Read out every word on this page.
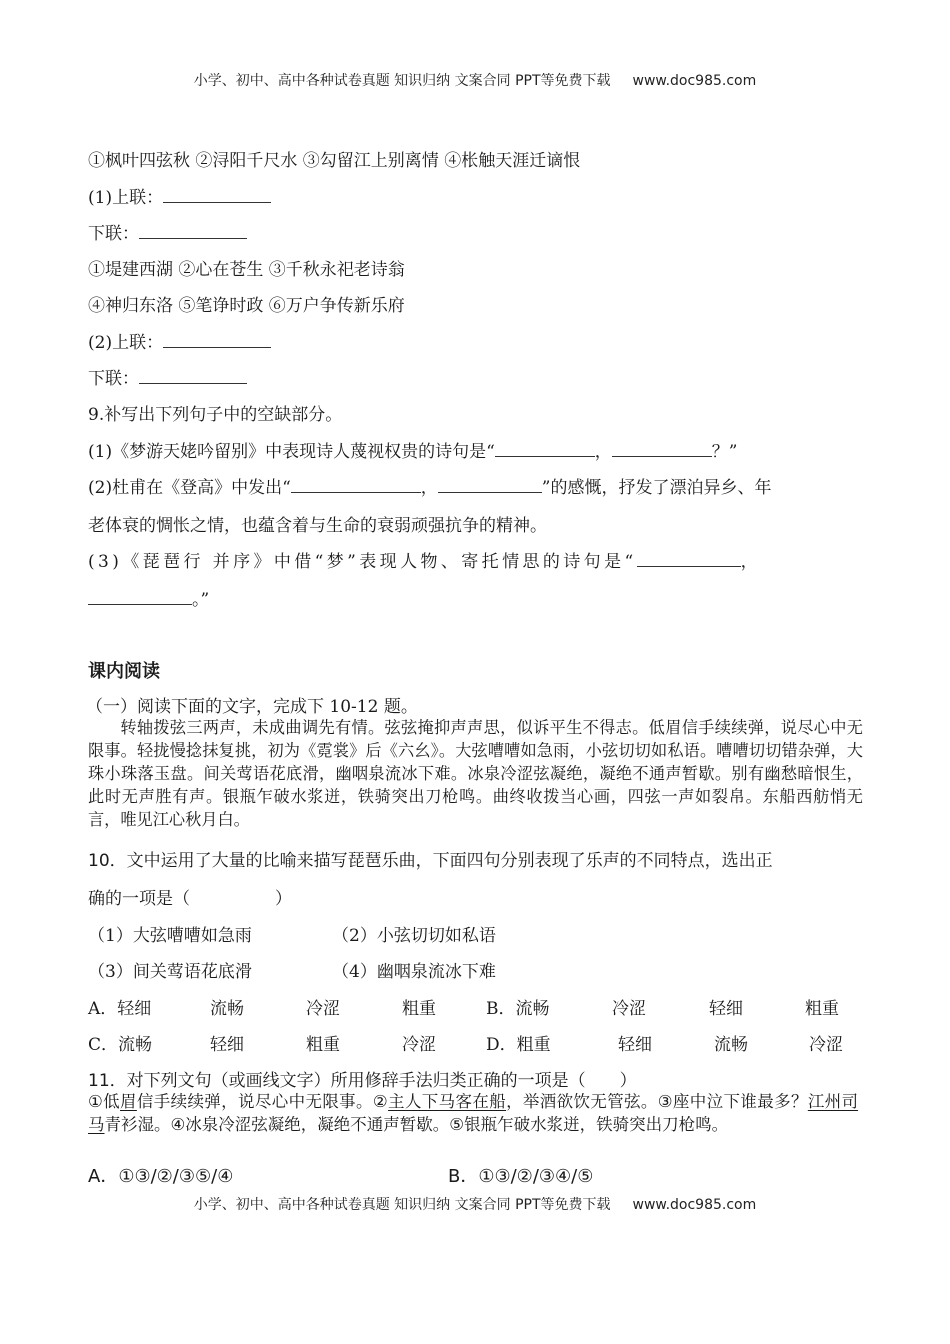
小学、初中、高中各种试卷真题 知识归纳 文案合同 PPT等免费下载 www.doc985.com
①枫叶四弦秋 ②浔阳千尺水 ③勾留江上别离情 ④枨触天涯迁谪恨
(1)上联：
下联：
①堤建西湖 ②心在苍生 ③千秋永祀老诗翁
④神归东洛 ⑤笔诤时政 ⑥万户争传新乐府
(2)上联：
下联：
9.补写出下列句子中的空缺部分。
(1)《梦游天姥吟留别》中表现诗人蔑视权贵的诗句是“	，	？”
(2)杜甫在《登高》中发出“	，	”的感慨，抒发了漂泊异乡、年
老体衰的惆怅之情，也蕴含着与生命的衰弱顽强抗争的精神。
(3)《琵琶行 并序》中借“梦”表现人物、寄托情思的诗句是“	，
。”
课内阅读
（一）阅读下面的文字，完成下 10-12 题。
转轴拨弦三两声，未成曲调先有情。弦弦掩抑声声思，似诉平生不得志。低眉信手续续弹，说尽心中无限事。轻拢慢捻抹复挑，初为《霓裳》后《六幺》。大弦嘈嘈如急雨，小弦切切如私语。嘈嘈切切错杂弹，大珠小珠落玉盘。间关莺语花底滑，幽咽泉流冰下难。冰泉冷涩弦凝绝，凝绝不通声暂歇。别有幽愁暗恨生，此时无声胜有声。银瓶乍破水浆迸，铁骑突出刀枪鸣。曲终收拨当心画，四弦一声如裂帛。东船西舫悄无言，唯见江心秋月白。
10．文中运用了大量的比喻来描写琵琶乐曲，下面四句分别表现了乐声的不同特点，选出正
确的一项是（　　　　　）
（1）大弦嘈嘈如急雨	（2）小弦切切如私语
（3）间关莺语花底滑	（4）幽咽泉流冰下难
A．轻细	流畅	冷涩	粗重	B．流畅	冷涩	轻细	粗重
C．流畅	轻细	粗重	冷涩	D．粗重	轻细	流畅	冷涩
11．对下列文句（或画线文字）所用修辞手法归类正确的一项是（　　）
①低眉信手续续弹，说尽心中无限事。②主人下马客在船，举酒欲饮无管弦。③座中泣下谁最多？江州司马青衫湿。④冰泉冷涩弦凝绝，凝绝不通声暂歇。⑤银瓶乍破水浆迸，铁骑突出刀枪鸣。
A．①③/②/③⑤/④	B．①③/②/③④/⑤
小学、初中、高中各种试卷真题 知识归纳 文案合同 PPT等免费下载 www.doc985.com
